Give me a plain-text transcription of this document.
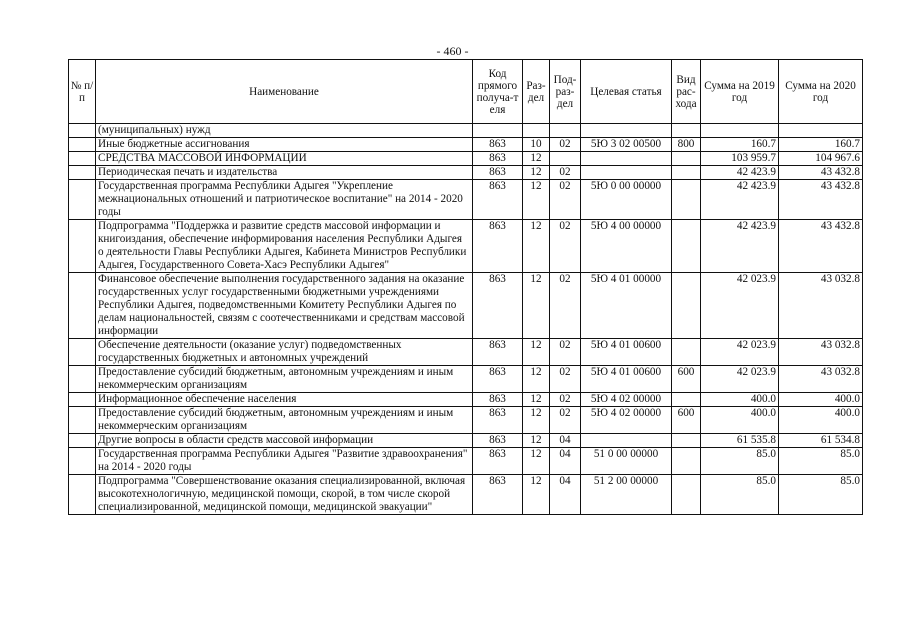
- 460 -
№ п/п	Наименование	Код прямого получа-т еля	Раз-дел	Под-раз-дел	Целевая статья	Вид рас-хода	Сумма на 2019 год	Сумма на 2020 год
	(муниципальных) нужд							
	Иные бюджетные ассигнования	863	10	02	5Ю 3 02 00500	800	160.7	160.7
	СРЕДСТВА МАССОВОЙ ИНФОРМАЦИИ	863	12				103 959.7	104 967.6
	Периодическая печать и издательства	863	12	02			42 423.9	43 432.8
	Государственная программа Республики Адыгея "Укрепление межнациональных отношений и патриотическое воспитание" на 2014 - 2020 годы	863	12	02	5Ю 0 00 00000		42 423.9	43 432.8
	Подпрограмма "Поддержка и развитие средств массовой информации и книгоиздания, обеспечение информирования населения Республики Адыгея о деятельности Главы Республики Адыгея, Кабинета Министров Республики Адыгея, Государственного Совета-Хасэ Республики Адыгея"	863	12	02	5Ю 4 00 00000		42 423.9	43 432.8
	Финансовое обеспечение выполнения государственного задания на оказание государственных услуг государственными бюджетными учреждениями Республики Адыгея, подведомственными Комитету Республики Адыгея по делам национальностей, связям с соотечественниками и средствам массовой информации	863	12	02	5Ю 4 01 00000		42 023.9	43 032.8
	Обеспечение деятельности (оказание услуг) подведомственных государственных бюджетных и автономных учреждений	863	12	02	5Ю 4 01 00600		42 023.9	43 032.8
	Предоставление субсидий бюджетным, автономным учреждениям и иным некоммерческим организациям	863	12	02	5Ю 4 01 00600	600	42 023.9	43 032.8
	Информационное обеспечение населения	863	12	02	5Ю 4 02 00000		400.0	400.0
	Предоставление субсидий бюджетным, автономным учреждениям и иным некоммерческим организациям	863	12	02	5Ю 4 02 00000	600	400.0	400.0
	Другие вопросы в области средств массовой информации	863	12	04			61 535.8	61 534.8
	Государственная программа Республики Адыгея "Развитие здравоохранения" на 2014 - 2020 годы	863	12	04	51 0 00 00000		85.0	85.0
	Подпрограмма "Совершенствование оказания специализированной, включая высокотехнологичную, медицинской помощи, скорой, в том числе скорой специализированной, медицинской помощи, медицинской эвакуации"	863	12	04	51 2 00 00000		85.0	85.0
